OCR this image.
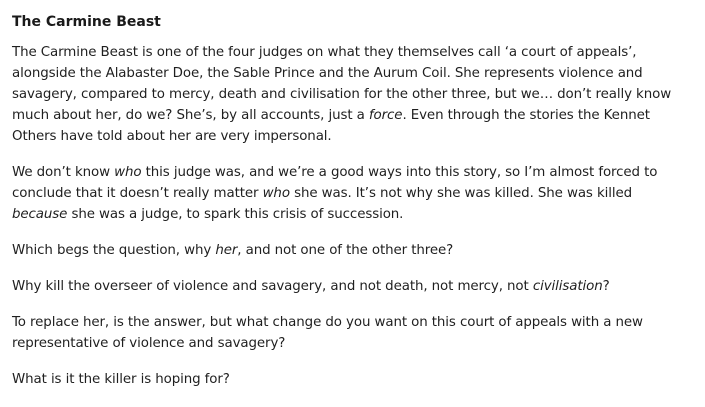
The Carmine Beast

The Carmine Beast is one of the four judges on what they themselves call ‘a court of appeals’, alongside the Alabaster Doe, the Sable Prince and the Aurum Coil. She represents violence and savagery, compared to mercy, death and civilisation for the other three, but we… don’t really know much about her, do we? She’s, by all accounts, just a force. Even through the stories the Kennet Others have told about her are very impersonal.

We don’t know who this judge was, and we’re a good ways into this story, so I’m almost forced to conclude that it doesn’t really matter who she was. It’s not why she was killed. She was killed because she was a judge, to spark this crisis of succession.

Which begs the question, why her, and not one of the other three?

Why kill the overseer of violence and savagery, and not death, not mercy, not civilisation?

To replace her, is the answer, but what change do you want on this court of appeals with a new representative of violence and savagery?

What is it the killer is hoping for?
